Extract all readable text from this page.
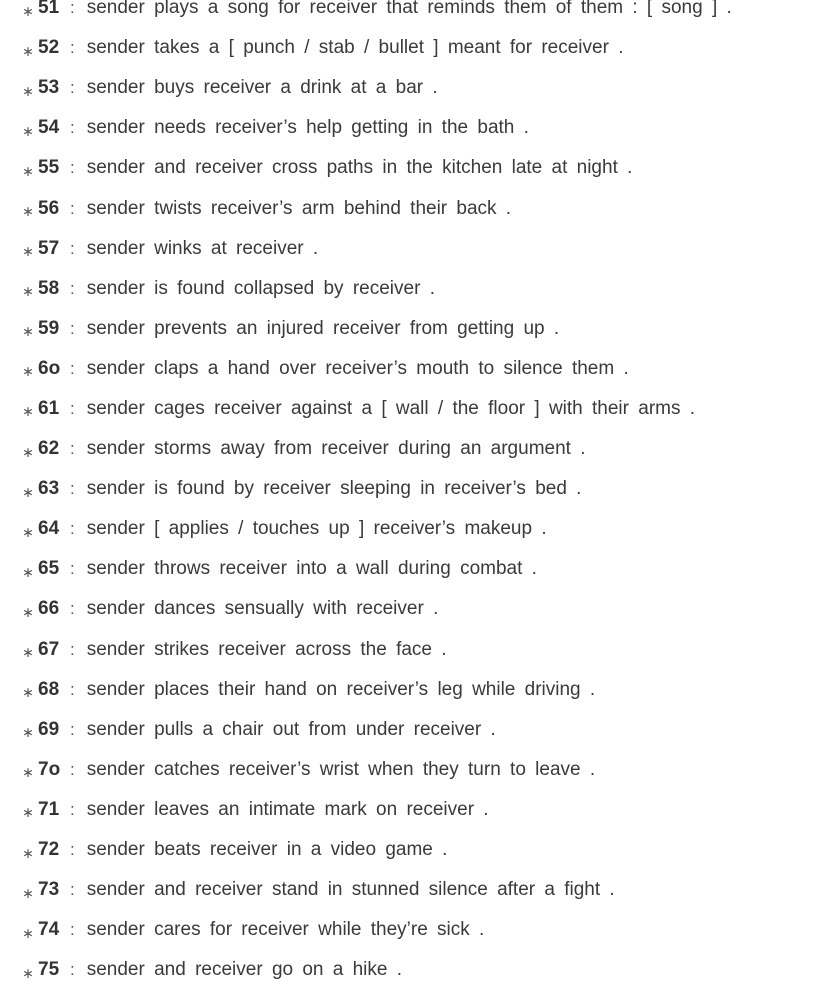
∗ 51 : sender plays a song for receiver that reminds them of them : [ song ] .
∗ 52 : sender takes a [ punch / stab / bullet ] meant for receiver .
∗ 53 : sender buys receiver a drink at a bar .
∗ 54 : sender needs receiver’s help getting in the bath .
∗ 55 : sender and receiver cross paths in the kitchen late at night .
∗ 56 : sender twists receiver’s arm behind their back .
∗ 57 : sender winks at receiver .
∗ 58 : sender is found collapsed by receiver .
∗ 59 : sender prevents an injured receiver from getting up .
∗ 6o : sender claps a hand over receiver’s mouth to silence them .
∗ 61 : sender cages receiver against a [ wall / the floor ] with their arms .
∗ 62 : sender storms away from receiver during an argument .
∗ 63 : sender is found by receiver sleeping in receiver’s bed .
∗ 64 : sender [ applies / touches up ] receiver’s makeup .
∗ 65 : sender throws receiver into a wall during combat .
∗ 66 : sender dances sensually with receiver .
∗ 67 : sender strikes receiver across the face .
∗ 68 : sender places their hand on receiver’s leg while driving .
∗ 69 : sender pulls a chair out from under receiver .
∗ 7o : sender catches receiver’s wrist when they turn to leave .
∗ 71 : sender leaves an intimate mark on receiver .
∗ 72 : sender beats receiver in a video game .
∗ 73 : sender and receiver stand in stunned silence after a fight .
∗ 74 : sender cares for receiver while they’re sick .
∗ 75 : sender and receiver go on a hike .
